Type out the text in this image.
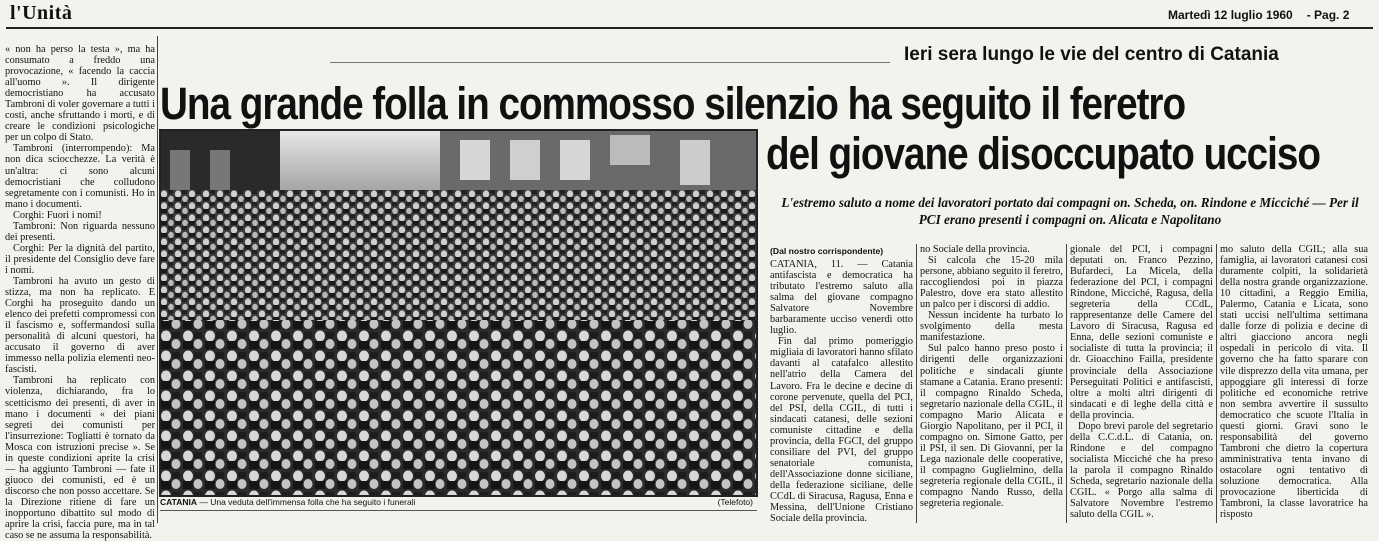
l'Unità	Martedì 12 luglio 1960 - Pag. 2

« non ha perso la testa », ma ha consumato a freddo una provocazione, « facendo la caccia all'uomo ». Il dirigente democristiano ha accusato Tambroni di voler governare a tutti i costi, anche sfruttando i morti, e di creare le condizioni psicologiche per un colpo di Stato.

Tambroni (interrompendo): Ma non dica sciocchezze. La verità è un'altra: ci sono alcuni democristiani che colludono segretamente con i comunisti. Ho in mano i documenti.

Corghi: Fuori i nomi!

Tambroni: Non riguarda nessuno dei presenti.

Corghi: Per la dignità del partito, il presidente del Consiglio deve fare i nomi.

Tambroni ha avuto un gesto di stizza, ma non ha replicato. E Corghi ha proseguito dando un elenco dei prefetti compromessi con il fascismo e, soffermandosi sulla personalità di alcuni questori, ha accusato il governo di aver immesso nella polizia elementi neo-fascisti.

Tambroni ha replicato con violenza, dichiarando, fra lo scetticismo dei presenti, di aver in mano i documenti « dei piani segreti dei comunisti per l'insurrezione: Togliatti è tornato da Mosca con istruzioni precise ». Se in queste condizioni aprite la crisi — ha aggiunto Tambroni — fate il giuoco dei comunisti, ed è un discorso che non posso accettare. Se la Direzione ritiene di fare un inopportuno dibattito sul modo di aprire la crisi, faccia pure, ma in tal caso se ne assuma la responsabilità.

Ieri sera lungo le vie del centro di Catania
Una grande folla in commosso silenzio ha seguito il feretro
CATANIA — Una veduta dell'immensa folla che ha seguito i funerali	(Telefoto)
del giovane disoccupato ucciso
L'estremo saluto a nome dei lavoratori portato dai compagni on. Scheda, on. Rindone e Micciché — Per il PCI erano presenti i compagni on. Alicata e Napolitano
(Dal nostro corrispondente)

CATANIA, 11. — Catania antifascista e democratica ha tributato l'estremo saluto alla salma del giovane compagno Salvatore Novembre barbaramente ucciso venerdì otto luglio.

Fin dal primo pomeriggio migliaia di lavoratori hanno sfilato davanti al catafalco allestito nell'atrio della Camera del Lavoro. Fra le decine e decine di corone pervenute, quella del PCI, del PSI, della CGIL, di tutti i sindacati catanesi, delle sezioni comuniste cittadine e della provincia, della FGCI, del gruppo consiliare del PVI, del gruppo senatoriale comunista, dell'Associazione donne siciliane, della federazione siciliane, delle CCdL di Siracusa, Ragusa, Enna e Messina, dell'Unione Cristiano Sociale della provincia.

no Sociale della provincia.

Si calcola che 15-20 mila persone, abbiano seguito il feretro, raccogliendosi poi in piazza Palestro, dove era stato allestito un palco per i discorsi di addio.

Nessun incidente ha turbato lo svolgimento della mesta manifestazione.

Sul palco hanno preso posto i dirigenti delle organizzazioni politiche e sindacali giunte stamane a Catania. Erano presenti: il compagno Rinaldo Scheda, segretario nazionale della CGIL, il compagno Mario Alicata e Giorgio Napolitano, per il PCI, il compagno on. Simone Gatto, per il PSI, il sen. Di Giovanni, per la Lega nazionale delle cooperative, il compagno Guglielmino, della segreteria regionale della CGIL, il compagno Nando Russo, della segreteria regionale.

gionale del PCI, i compagni deputati on. Franco Pezzino, Bufardeci, La Micela, della federazione del PCI, i compagni Rindone, Micciché, Ragusa, della segreteria della CCdL, rappresentanze delle Camere del Lavoro di Siracusa, Ragusa ed Enna, delle sezioni comuniste e socialiste di tutta la provincia; il dr. Gioacchino Failla, presidente provinciale della Associazione Perseguitati Politici e antifascisti, oltre a molti altri dirigenti di sindacati e di leghe della città e della provincia.

Dopo brevi parole del segretario della C.C.d.L. di Catania, on. Rindone e del compagno socialista Micciché che ha preso la parola il compagno Rinaldo Scheda, segretario nazionale della CGIL. « Porgo alla salma di Salvatore Novembre l'estremo saluto della CGIL ».

mo saluto della CGIL; alla sua famiglia, ai lavoratori catanesi così duramente colpiti, la solidarietà della nostra grande organizzazione. 10 cittadini, a Reggio Emilia, Palermo, Catania e Licata, sono stati uccisi nell'ultima settimana dalle forze di polizia e decine di altri giacciono ancora negli ospedali in pericolo di vita. Il governo che ha fatto sparare con vile disprezzo della vita umana, per appoggiare gli interessi di forze politiche ed economiche retrive non sembra avvertire il sussulto democratico che scuote l'Italia in questi giorni. Gravi sono le responsabilità del governo Tambroni che dietro la copertura amministrativa tenta invano di ostacolare ogni tentativo di soluzione democratica. Alla provocazione liberticida di Tambroni, la classe lavoratrice ha risposto
